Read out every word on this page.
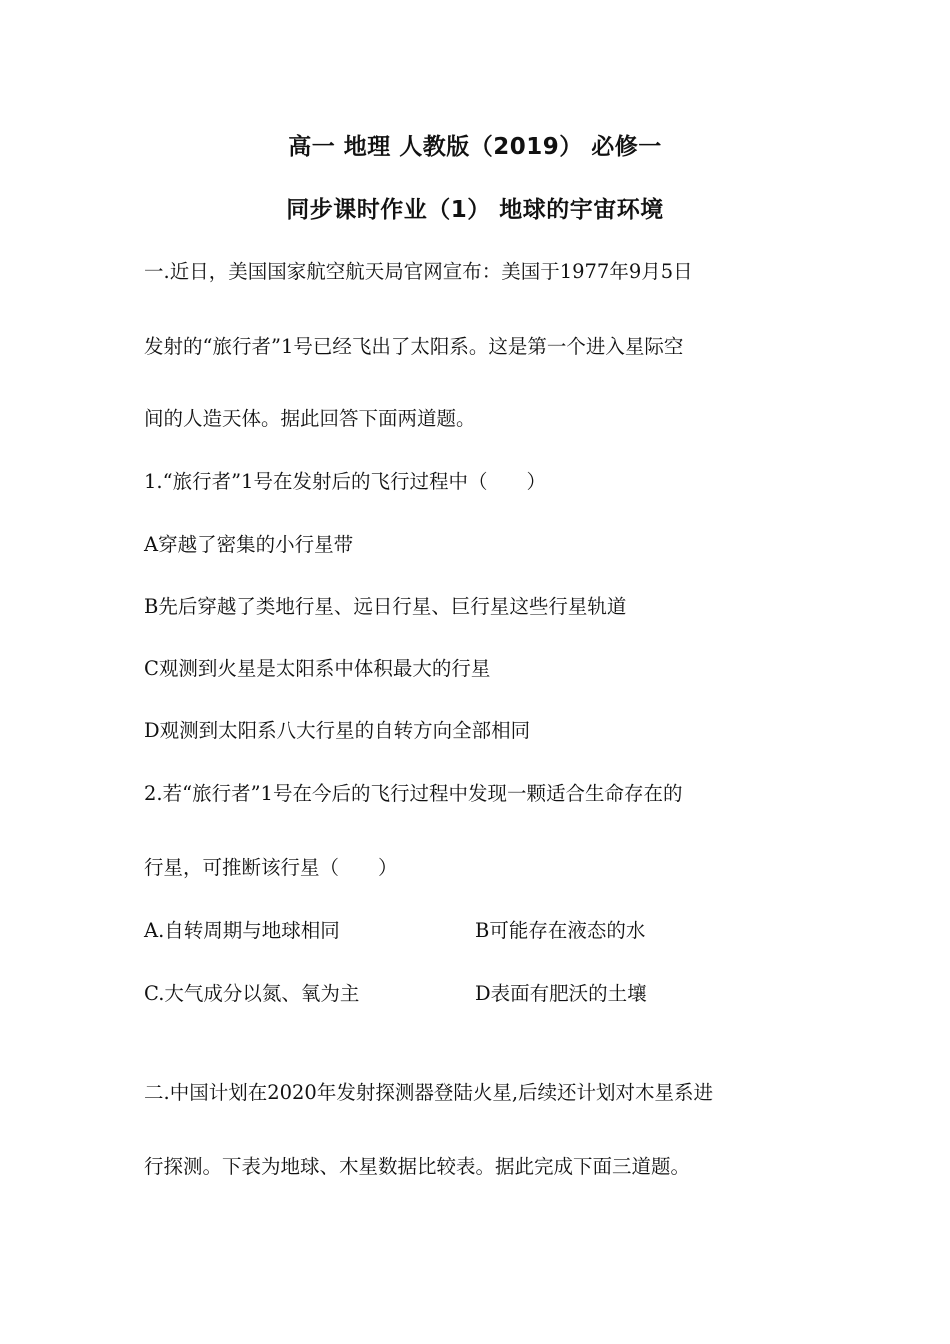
高一 地理 人教版（2019） 必修一
同步课时作业（1） 地球的宇宙环境
一.近日，美国国家航空航天局官网宣布：美国于1977年9月5日
发射的“旅行者”1号已经飞出了太阳系。这是第一个进入星际空
间的人造天体。据此回答下面两道题。
1.“旅行者”1号在发射后的飞行过程中（　　）
A穿越了密集的小行星带
B先后穿越了类地行星、远日行星、巨行星这些行星轨道
C观测到火星是太阳系中体积最大的行星
D观测到太阳系八大行星的自转方向全部相同
2.若“旅行者”1号在今后的飞行过程中发现一颗适合生命存在的
行星，可推断该行星（　　）
A.自转周期与地球相同	B可能存在液态的水
C.大气成分以氮、氧为主	D表面有肥沃的土壤
二.中国计划在2020年发射探测器登陆火星,后续还计划对木星系进
行探测。下表为地球、木星数据比较表。据此完成下面三道题。
